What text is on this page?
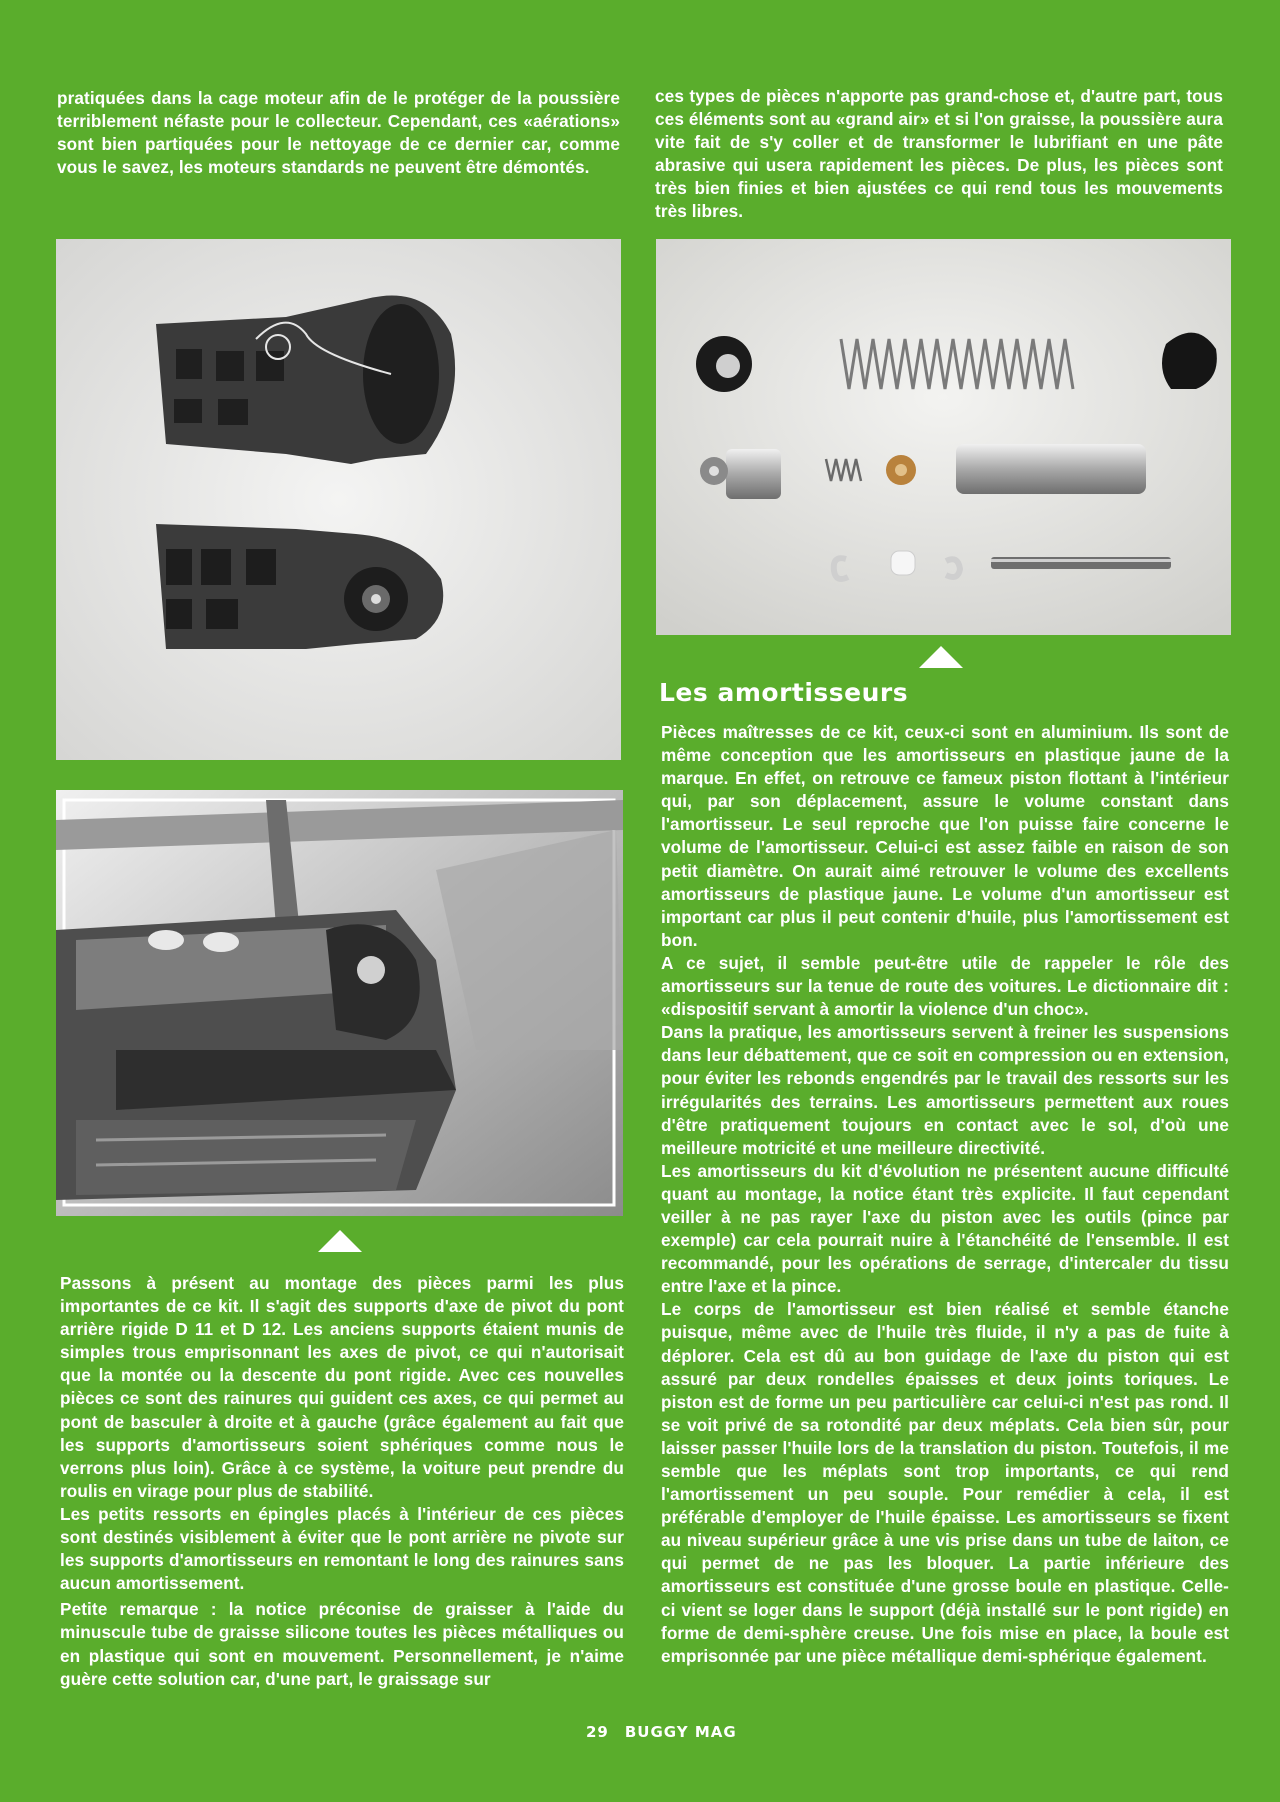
pratiquées dans la cage moteur afin de le protéger de la poussière terriblement néfaste pour le collecteur. Cependant, ces «aérations» sont bien partiquées pour le nettoyage de ce dernier car, comme vous le savez, les moteurs standards ne peuvent être démontés.

ces types de pièces n'apporte pas grand-chose et, d'autre part, tous ces éléments sont au «grand air» et si l'on graisse, la poussière aura vite fait de s'y coller et de transformer le lubrifiant en une pâte abrasive qui usera rapidement les pièces. De plus, les pièces sont très bien finies et bien ajustées ce qui rend tous les mouvements très libres.

Les amortisseurs

Passons à présent au montage des pièces parmi les plus importantes de ce kit. Il s'agit des supports d'axe de pivot du pont arrière rigide D 11 et D 12. Les anciens supports étaient munis de simples trous emprisonnant les axes de pivot, ce qui n'autorisait que la montée ou la descente du pont rigide. Avec ces nouvelles pièces ce sont des rainures qui guident ces axes, ce qui permet au pont de basculer à droite et à gauche (grâce également au fait que les supports d'amortisseurs soient sphériques comme nous le verrons plus loin). Grâce à ce système, la voiture peut prendre du roulis en virage pour plus de stabilité.

Les petits ressorts en épingles placés à l'intérieur de ces pièces sont destinés visiblement à éviter que le pont arrière ne pivote sur les supports d'amortisseurs en remontant le long des rainures sans aucun amortissement.

Petite remarque : la notice préconise de graisser à l'aide du minuscule tube de graisse silicone toutes les pièces métalliques ou en plastique qui sont en mouvement. Personnellement, je n'aime guère cette solution car, d'une part, le graissage sur

Pièces maîtresses de ce kit, ceux-ci sont en aluminium. Ils sont de même conception que les amortisseurs en plastique jaune de la marque. En effet, on retrouve ce fameux piston flottant à l'intérieur qui, par son déplacement, assure le volume constant dans l'amortisseur. Le seul reproche que l'on puisse faire concerne le volume de l'amortisseur. Celui-ci est assez faible en raison de son petit diamètre. On aurait aimé retrouver le volume des excellents amortisseurs de plastique jaune. Le volume d'un amortisseur est important car plus il peut contenir d'huile, plus l'amortissement est bon.

A ce sujet, il semble peut-être utile de rappeler le rôle des amortisseurs sur la tenue de route des voitures. Le dictionnaire dit : «dispositif servant à amortir la violence d'un choc».

Dans la pratique, les amortisseurs servent à freiner les suspensions dans leur débattement, que ce soit en compression ou en extension, pour éviter les rebonds engendrés par le travail des ressorts sur les irrégularités des terrains. Les amortisseurs permettent aux roues d'être pratiquement toujours en contact avec le sol, d'où une meilleure motricité et une meilleure directivité.

Les amortisseurs du kit d'évolution ne présentent aucune difficulté quant au montage, la notice étant très explicite. Il faut cependant veiller à ne pas rayer l'axe du piston avec les outils (pince par exemple) car cela pourrait nuire à l'étanchéité de l'ensemble. Il est recommandé, pour les opérations de serrage, d'intercaler du tissu entre l'axe et la pince.

Le corps de l'amortisseur est bien réalisé et semble étanche puisque, même avec de l'huile très fluide, il n'y a pas de fuite à déplorer. Cela est dû au bon guidage de l'axe du piston qui est assuré par deux rondelles épaisses et deux joints toriques. Le piston est de forme un peu particulière car celui-ci n'est pas rond. Il se voit privé de sa rotondité par deux méplats. Cela bien sûr, pour laisser passer l'huile lors de la translation du piston. Toutefois, il me semble que les méplats sont trop importants, ce qui rend l'amortissement un peu souple. Pour remédier à cela, il est préférable d'employer de l'huile épaisse. Les amortisseurs se fixent au niveau supérieur grâce à une vis prise dans un tube de laiton, ce qui permet de ne pas les bloquer. La partie inférieure des amortisseurs est constituée d'une grosse boule en plastique. Celle-ci vient se loger dans le support (déjà installé sur le pont rigide) en forme de demi-sphère creuse. Une fois mise en place, la boule est emprisonnée par une pièce métallique demi-sphérique également.

29 BUGGY MAG
